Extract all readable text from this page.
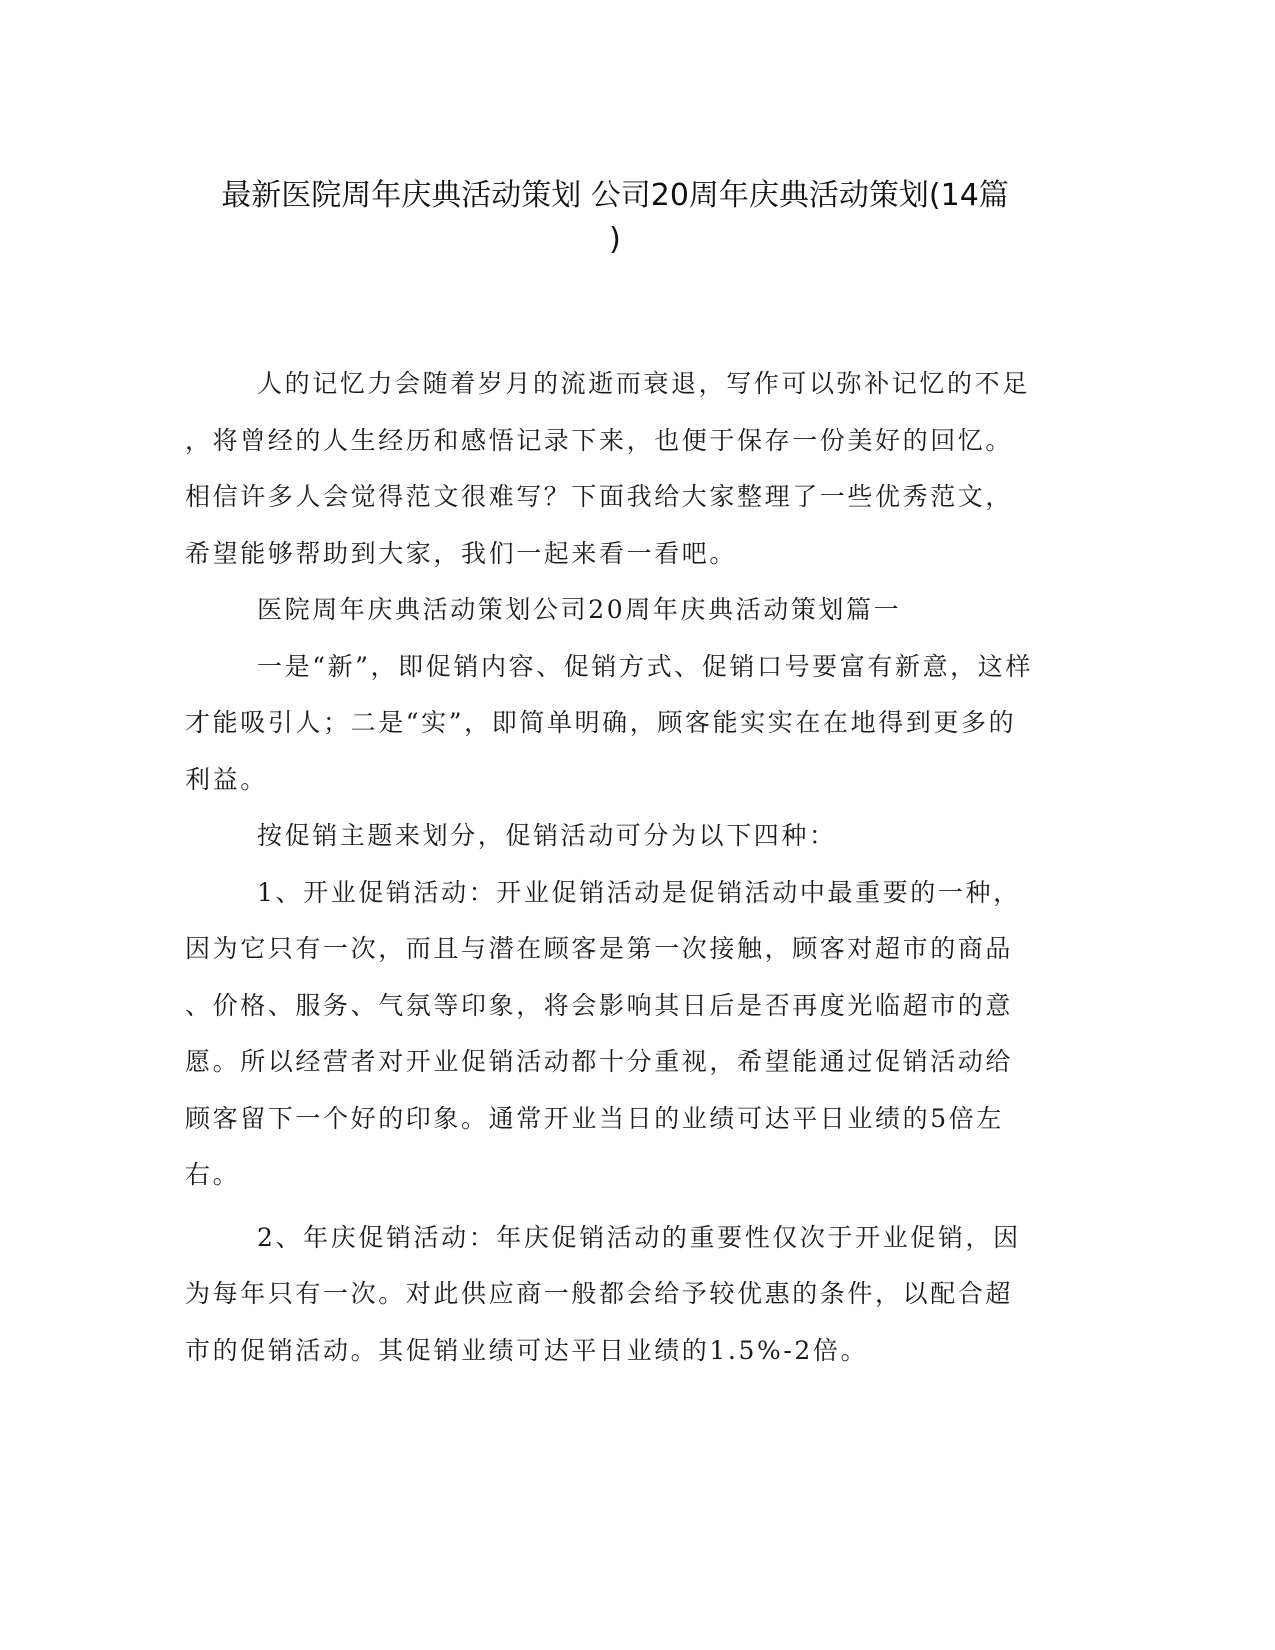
最新医院周年庆典活动策划 公司20周年庆典活动策划(14篇
)
人的记忆力会随着岁月的流逝而衰退，写作可以弥补记忆的不足
，将曾经的人生经历和感悟记录下来，也便于保存一份美好的回忆。
相信许多人会觉得范文很难写？下面我给大家整理了一些优秀范文，
希望能够帮助到大家，我们一起来看一看吧。
医院周年庆典活动策划公司20周年庆典活动策划篇一
一是“新”，即促销内容、促销方式、促销口号要富有新意，这样
才能吸引人；二是“实”，即简单明确，顾客能实实在在地得到更多的
利益。
按促销主题来划分，促销活动可分为以下四种：
1、开业促销活动：开业促销活动是促销活动中最重要的一种，
因为它只有一次，而且与潜在顾客是第一次接触，顾客对超市的商品
、价格、服务、气氛等印象，将会影响其日后是否再度光临超市的意
愿。所以经营者对开业促销活动都十分重视，希望能通过促销活动给
顾客留下一个好的印象。通常开业当日的业绩可达平日业绩的5倍左
右。
2、年庆促销活动：年庆促销活动的重要性仅次于开业促销，因
为每年只有一次。对此供应商一般都会给予较优惠的条件，以配合超
市的促销活动。其促销业绩可达平日业绩的1.5%-2倍。
